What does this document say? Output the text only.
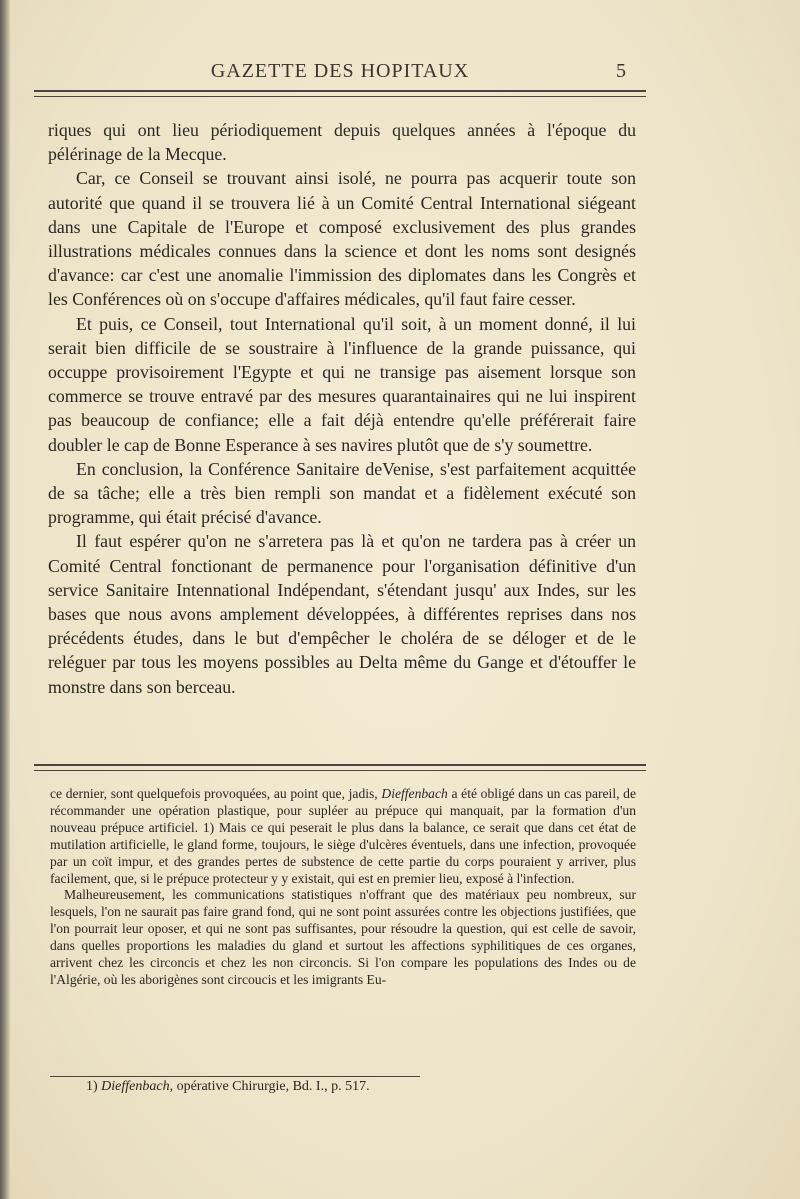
GAZETTE DES HOPITAUX	5

riques qui ont lieu périodiquement depuis quelques années à l'époque du pélérinage de la Mecque.

Car, ce Conseil se trouvant ainsi isolé, ne pourra pas acquerir toute son autorité que quand il se trouvera lié à un Comité Central International siégeant dans une Capitale de l'Europe et composé exclusivement des plus grandes illustrations médicales connues dans la science et dont les noms sont designés d'avance: car c'est une anomalie l'immission des diplomates dans les Congrès et les Conférences où on s'occupe d'affaires médicales, qu'il faut faire cesser.

Et puis, ce Conseil, tout International qu'il soit, à un moment donné, il lui serait bien difficile de se soustraire à l'influence de la grande puissance, qui occuppe provisoirement l'Egypte et qui ne transige pas aisement lorsque son commerce se trouve entravé par des mesures quarantainaires qui ne lui inspirent pas beaucoup de confiance; elle a fait déjà entendre qu'elle préférerait faire doubler le cap de Bonne Esperance à ses navires plutôt que de s'y soumettre.

En conclusion, la Conférence Sanitaire deVenise, s'est parfaitement acquittée de sa tâche; elle a très bien rempli son mandat et a fidèlement exécuté son programme, qui était précisé d'avance.

Il faut espérer qu'on ne s'arretera pas là et qu'on ne tardera pas à créer un Comité Central fonctionant de permanence pour l'organisation définitive d'un service Sanitaire Intennational Indépendant, s'étendant jusqu' aux Indes, sur les bases que nous avons amplement développées, à différentes reprises dans nos précédents études, dans le but d'empêcher le choléra de se déloger et de le reléguer par tous les moyens possibles au Delta même du Gange et d'étouffer le monstre dans son berceau.

ce dernier, sont quelquefois provoquées, au point que, jadis, Dieffenbach a été obligé dans un cas pareil, de récommander une opération plastique, pour supléer au prépuce qui manquait, par la formation d'un nouveau prépuce artificiel. 1) Mais ce qui peserait le plus dans la balance, ce serait que dans cet état de mutilation artificielle, le gland forme, toujours, le siège d'ulcères éventuels, dans une infection, provoquée par un coït impur, et des grandes pertes de substence de cette partie du corps pouraient y arriver, plus facilement, que, si le prépuce protecteur y y existait, qui est en premier lieu, exposé à l'infection.

Malheureusement, les communications statistiques n'offrant que des matériaux peu nombreux, sur lesquels, l'on ne saurait pas faire grand fond, qui ne sont point assurées contre les objections justifiées, que l'on pourrait leur oposer, et qui ne sont pas suffisantes, pour résoudre la question, qui est celle de savoir, dans quelles proportions les maladies du gland et surtout les affections syphilitiques de ces organes, arrivent chez les circoncis et chez les non circoncis. Si l'on compare les populations des Indes ou de l'Algérie, où les aborigènes sont circoucis et les imigrants Eu-

1) Dieffenbach, opérative Chirurgie, Bd. I., p. 517.
